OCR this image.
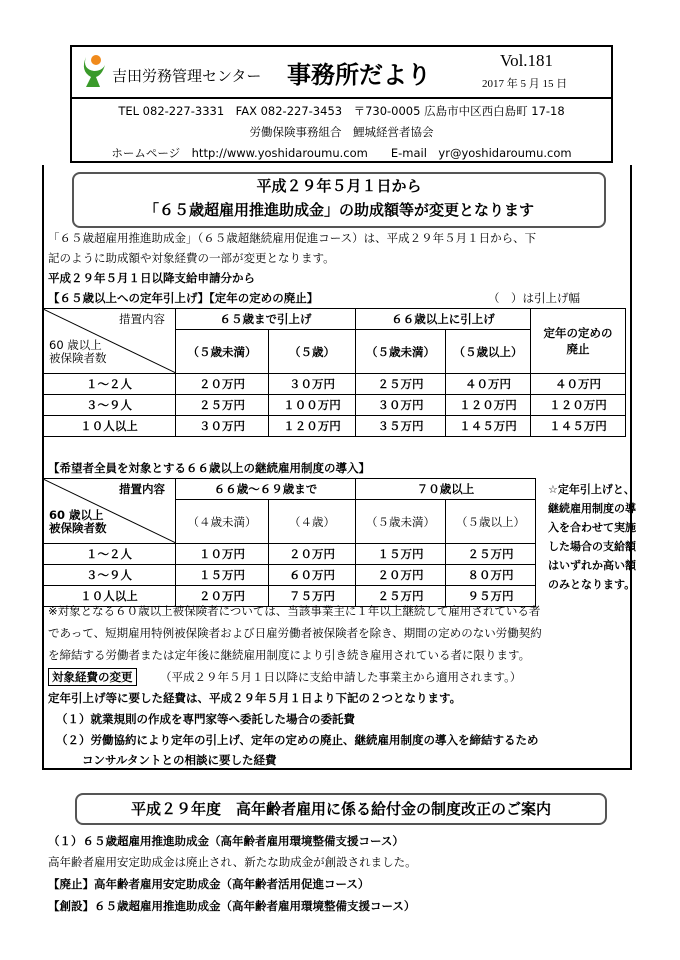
吉田労務管理センター 事務所だより
Vol.181
2017 年 5 月 15 日
TEL 082-227-3331　FAX 082-227-3453　〒730-0005 広島市中区西白島町 17-18
労働保険事務組合　鯉城経営者協会
ホームページ　http://www.yoshidaroumu.com　　E-mail　yr@yoshidaroumu.com
平成２９年５月１日から
「６５歳超雇用推進助成金」の助成額等が変更となります
「６５歳超雇用推進助成金」（６５歳超継続雇用促進コース）は、平成２９年５月１日から、下
記のように助成額や対象経費の一部が変更となります。
平成２９年５月１日以降支給申請分から
【６５歳以上への定年引上げ】【定年の定めの廃止】	（　）は引上げ幅
措置内容
60 歳以上
被保険者数	６５歳まで引上げ		６６歳以上に引上げ		定年の定めの廃止
	（５歳未満）	（５歳）	（５歳未満）	（５歳以上）	
１～２人	２０万円	３０万円	２５万円	４０万円	４０万円
３～９人	２５万円	１００万円	３０万円	１２０万円	１２０万円
１０人以上	３０万円	１２０万円	３５万円	１４５万円	１４５万円
【希望者全員を対象とする６６歳以上の継続雇用制度の導入】
措置内容
60 歳以上
被保険者数	６６歳～６９歳まで		７０歳以上	
	（４歳未満）	（４歳）	（５歳未満）	（５歳以上）
１～２人	１０万円	２０万円	１５万円	２５万円
３～９人	１５万円	６０万円	２０万円	８０万円
１０人以上	２０万円	７５万円	２５万円	９５万円
☆定年引上げと、継続雇用制度の導入を合わせて実施した場合の支給額はいずれか高い額のみとなります。
※対象となる６０歳以上被保険者については、当該事業主に１年以上継続して雇用されている者
であって、短期雇用特例被保険者および日雇労働者被保険者を除き、期間の定めのない労働契約
を締結する労働者または定年後に継続雇用制度により引き続き雇用されている者に限ります。
対象経費の変更	（平成２９年５月１日以降に支給申請した事業主から適用されます。）
定年引上げ等に要した経費は、平成２９年５月１日より下記の２つとなります。
（１）就業規則の作成を専門家等へ委託した場合の委託費
（２）労働協約により定年の引上げ、定年の定めの廃止、継続雇用制度の導入を締結するため
コンサルタントとの相談に要した経費
平成２９年度　高年齢者雇用に係る給付金の制度改正のご案内
（１）６５歳超雇用推進助成金（高年齢者雇用環境整備支援コース）
高年齢者雇用安定助成金は廃止され、新たな助成金が創設されました。
【廃止】高年齢者雇用安定助成金（高年齢者活用促進コース）
【創設】６５歳超雇用推進助成金（高年齢者雇用環境整備支援コース）
